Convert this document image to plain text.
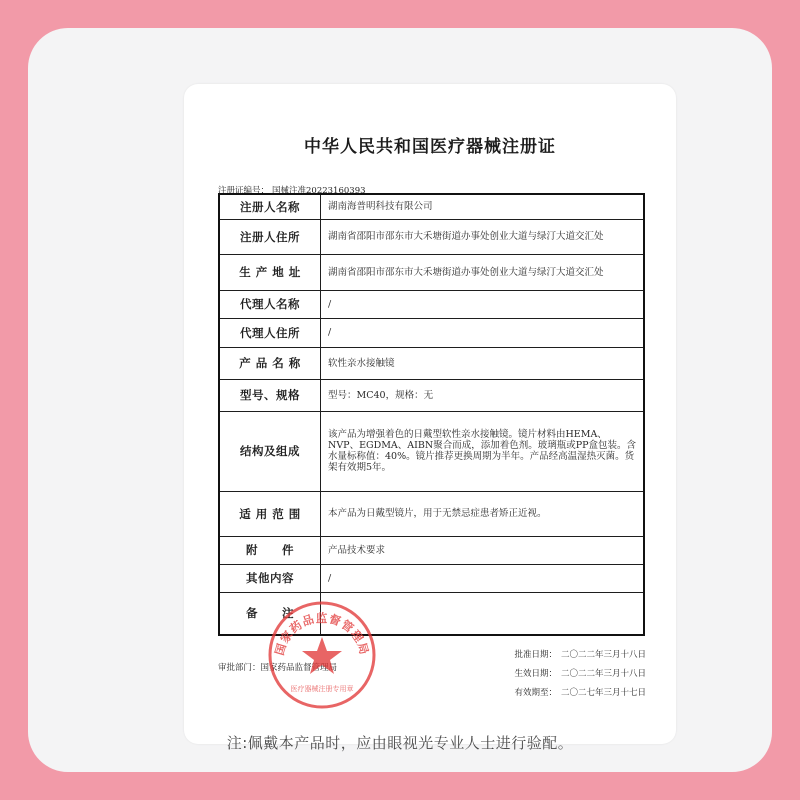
中华人民共和国医疗器械注册证
注册证编号： 国械注准20223160393
注册人名称	湖南海普明科技有限公司
注册人住所	湖南省邵阳市邵东市大禾塘街道办事处创业大道与绿汀大道交汇处
生 产 地 址	湖南省邵阳市邵东市大禾塘街道办事处创业大道与绿汀大道交汇处
代理人名称	/
代理人住所	/
产 品 名 称	软性亲水接触镜
型号、规格	型号：MC40，规格：无
结构及组成	该产品为增强着色的日戴型软性亲水接触镜。镜片材料由HEMA、NVP、EGDMA、AIBN聚合而成，添加着色剂。玻璃瓶或PP盒包装。含水量标称值：40%。镜片推荐更换周期为半年。产品经高温湿热灭菌。货架有效期5年。
适 用 范 围	本产品为日戴型镜片，用于无禁忌症患者矫正近视。
附　　件	产品技术要求
其他内容	/
备　　注	
审批部门：国家药品监督管理局
批准日期： 二〇二二年三月十八日
生效日期： 二〇二二年三月十八日
有效期至： 二〇二七年三月十七日
国家药品监督管理局
医疗器械注册专用章
注:佩戴本产品时，应由眼视光专业人士进行验配。
